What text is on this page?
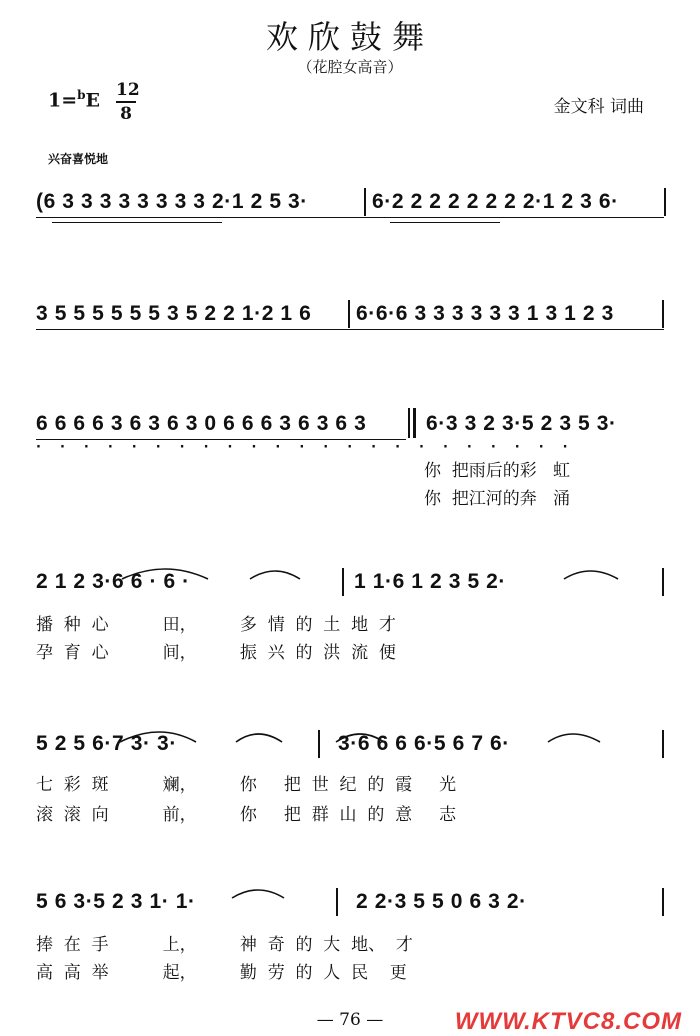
欢欣鼓舞
（花腔女高音）
1=$^b$E 12
8	金文科 词曲
兴奋喜悦地
(6 3 3 3 3 3 3 3 3 2·1 2 5 3·	6·2 2 2 2 2 2 2 2·1 2 3 6·
3 5 5 5 5 5 5 3 5 2 2 1·2 1 6	6·6·6 3 3 3 3 3 3 1 3 1 2 3
6 6 6 6 3 6 3 6 3 0 6 6 6 3 6 3 6 3	6·3 3 2 3·5 2 3 5 3·
·······················
你  把雨后的彩   虹
你  把江河的奔   涌
2 1 2 3·6 6 · 6 ·	1 1·6 1 2 3 5 2·
播  种  心          田，        多  情  的  土  地  才
孕  育  心          间，        振  兴  的  洪  流  便
5 2 5 6·7 3· 3·	3·6 6 6 6·5 6 7 6·
七  彩  斑          斓，        你     把  世  纪  的  霞     光
滚  滚  向          前，        你     把  群  山  的  意     志
5 6 3·5 2 3 1· 1·	2 2·3 5 5 0 6 3 2·
捧  在  手          上，        神  奇  的  大  地、  才
高  高  举          起，        勤  劳  的  人  民    更
— 76 —	WWW.KTVC8.COM
